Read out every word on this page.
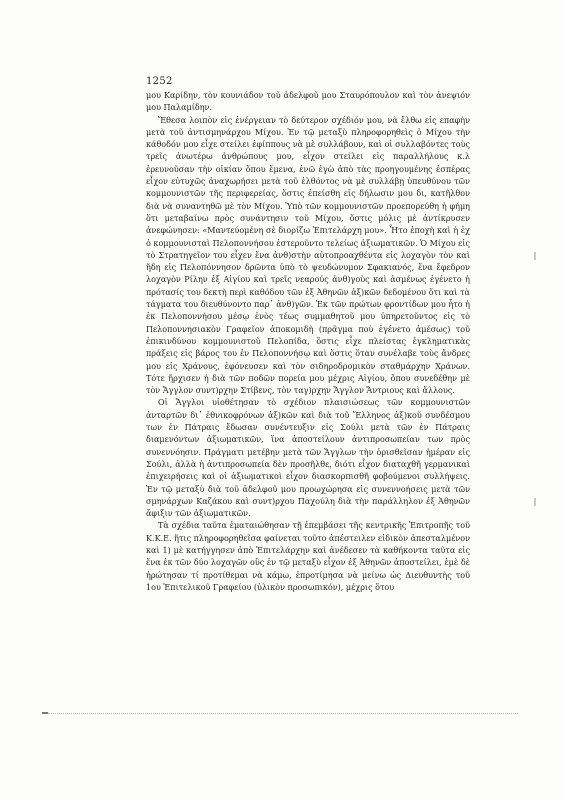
1252

μου Καρίδην, τὸν κουνιάδον τοῦ ἀδελφοῦ μου Σταυρόπουλον καὶ τὸν ἀνεψιόν μου Παλαμίδην.

Ἔθεσα λοιπὸν εἰς ἐνέργειαν τὸ δεύτερον σχέδιόν μου, νὰ ἔλθω εἰς επαφὴν μετὰ τοῦ ἀντισμηνάρχου Μίχου. Ἐν τῷ μεταξὺ πληροφορηθεὶς ὁ Μίχου τὴν κάθοδόν μου εἶχε στείλει ἐφίππους νὰ μὲ συλλάβουν, καὶ οἱ συλλαβόντες τοὺς τρεῖς ἀνωτέρω ἀνθρώπους μου, εἶχον στείλει εἰς παραλλήλους κ.λ ἐρευνοῦσαν τὴν οἰκίαν ὅπου ἔμενα, ἐνῶ ἐγὼ ἀπὸ τὰς προηγουμένης ἐσπέρας εἶχον εὐτυχῶς ἀναχωρήσει μετὰ τοῦ ἐλθόντος νὰ μὲ συλλάβῃ ὑπευθύνου τῶν κομμουνιστῶν τῆς περιφερείας, ὅστις ἐπείσθη εἰς δήλωσιν μου δι, κατῆλθον διὰ νὰ συναντηθῶ μὲ τὸν Μίχου. Ὑπὸ τῶν κομμουνιστῶν προεπορεύθη ἡ φήμη ὅτι μεταβαίνω πρὸς συνάντησιν τοῦ Μίχου, ὅστις μόλις μὲ ἀντίκρυσεν ἀνεφώνησεν: «Μαντεύομένη σὲ διορίζω Ἐπιτελάρχη μου». Ἦτο ἐποχὴ καὶ ἡ ἐχ ὁ κομμουνισταὶ Πελοποννήσου ἐστεροῦντο τελείως ἀξιωματικῶν. Ὁ Μίχου εἰς τὸ Στρατηγεῖον του εἶχεν ἕνα ἀνθ)στὴν αὐτοπροαχθέντα εἰς λοχαγὸν τὸν καὶ ἤδη εἰς Πελοπόννησον δρῶντα ὑπὸ τὸ ψευδώνυμον Σφακιανός, ἕνα ἔφεδρον λοχαγὸν Ρίλην ἐξ Αἰγίου καὶ τρεῖς νεαρούς ἀνθ)γοὺς καὶ ἀσμένως ἐγένετο ἡ πρότασίς του δεκτὴ περὶ καθόδου τῶν ἐξ Ἀθηνῶν ἀξ)κῶν δεδομένου ὅτι καὶ τὰ τάγματα του διευθύνοντο παρ᾽ ἀνθ)γῶν. Ἐκ τῶν πρώτων φροντίδων μου ἦτο ἡ ἐκ Πελοποννήσου μέσῳ ἑνὸς τέως συμμαθητοῦ μου ὑπηρετοῦντος εἰς τὸ Πελοποννησιακὸν Γραφεῖον ἀποκομιδὴ (πρᾶγμα ποὺ ἐγένετο ἀμέσως) τοῦ ἐπικινδύνου κομμουνιστοῦ Πελοπίδα, ὅστις εἶχε πλείστας ἐγκληματικὰς πράξεις εἰς βάρος του ἐν Πελοποννήσῳ καὶ ὅστις ὅταν συνέλαβε τοὺς ἄνδρες μου εἰς Χράνους, ἐφόνευσεν καὶ τὸν σιδηροδρομικὸν σταθμάρχην Χράνων. Τότε ἤρχισεν ἡ διὰ τῶν ποδῶν πορεία μου μέχρις Αἰγίου, ὅπου συνεδέθην μὲ τὸν Ἄγγλον συντ)ρχην Στίβενς, τὸν ταγ)ρχην Ἄγγλον Ἄντριους καὶ ἄλλους.

Οἱ Ἄγγλοι υἱοθέτησαν τὸ σχέδιον πλαισιώσεως τῶν κομμουνιστῶν ἀνταρτῶν δι᾽ ἐθνικοφρόνων ἀξ)κῶν καὶ διὰ τοῦ Ἕλληνος ἀξ)κοῦ συνδέσμου των ἐν Πάτραις ἔδωσαν συνέντευξιν εἰς Σούλι μετὰ τῶν ἐν Πάτραις διαμενόντων ἀξιωματικῶν, ἵνα ἀποστείλουν ἀντιπροσωπείαν των πρὸς συνεννόησιν. Πράγματι μετέβην μετὰ τῶν Ἄγγλων τὴν ὁρισθεῖσαν ἡμέραν εἰς Σούλι, ἀλλὰ ἡ ἀντιπροσωπεία δὲν προσῆλθε, διότι εἶχον διαταχθῆ γερμανικαὶ ἐπιχειρήσεις καὶ οἱ ἀξιωματικοὶ εἶχον διασκορπισθῆ φοβούμενοι συλλήψεις. Ἐν τῷ μεταξὺ διὰ τοῦ ἀδελφοῦ μου προωχώρησα εἰς συνεννοήσεις μετὰ τῶν σμηνάρχων Καζάκου καὶ συντ)ρχου Παχούλη διὰ τὴν παράλληλον ἐξ Ἀθηνῶν ἄφιξιν τῶν ἀξιωματικῶν.

Τὰ σχέδια ταῦτα ἐματαιώθησαν τῇ ἐπεμβάσει τῆς κεντρικῆς Ἐπιτροπῆς τοῦ Κ.Κ.Ε. ἥτις πληροφορηθεῖσα φαίνεται τοῦτο ἀπέστειλεν εἰδικὸν ἀπεσταλμένον καὶ 1) μὲ κατήγγησεν ἀπὸ Ἐπιτελάρχην καὶ ἀνέδεσεν τὰ καθήκοντα ταῦτα εἰς ἕνα ἐκ τῶν δύο λοχαγῶν οὓς ἐν τῷ μεταξὺ εἶχον ἐξ Ἀθηνῶν ἀποστείλει, ἐμὲ δὲ ἠρώτησαν τί προτίθεμαι νὰ κάμω, ἐπροτίμησα νὰ μείνω ὡς Διευθυντὴς τοῦ 1ου Ἐπιτελικοῦ Γραφείου (ὑλικὸν προσωπικόν), μέχρις ὅτου
